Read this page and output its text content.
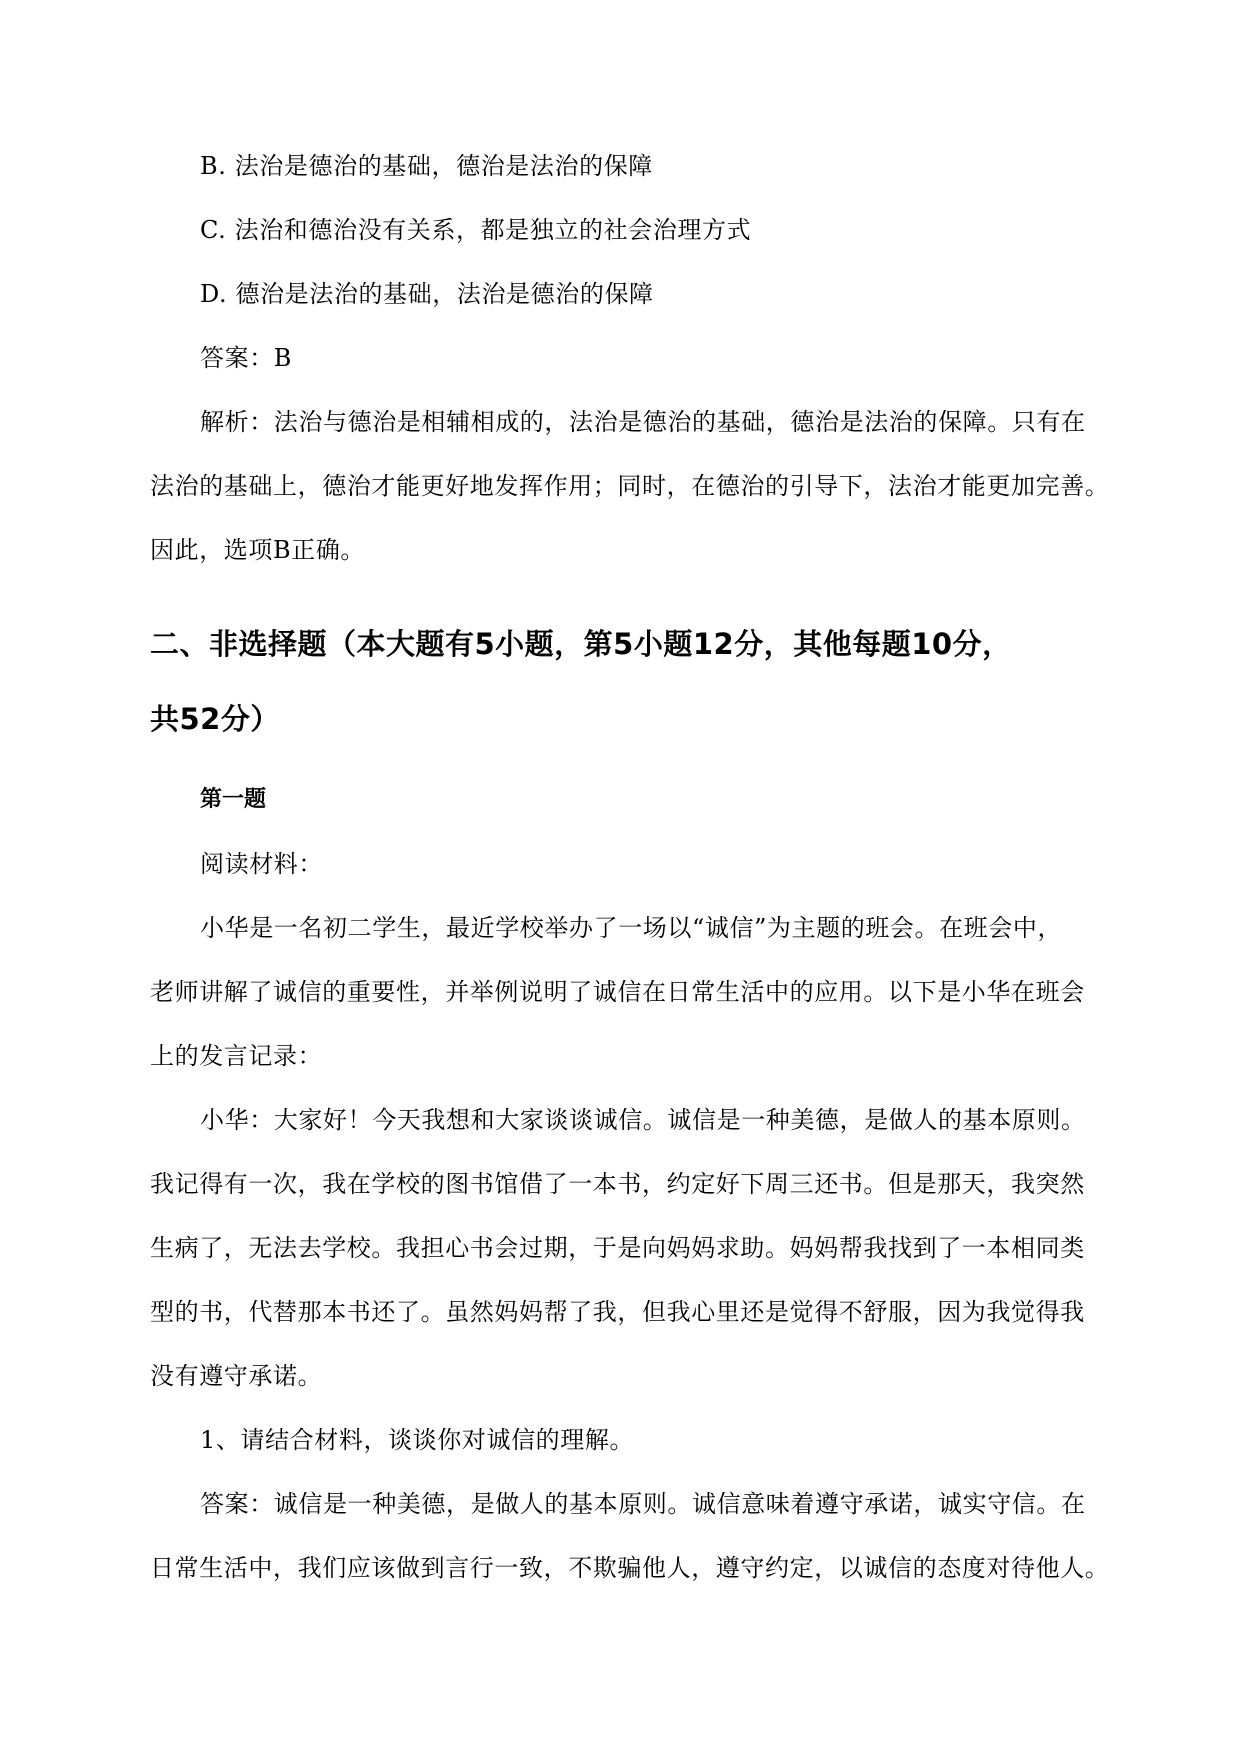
B. 法治是德治的基础，德治是法治的保障
C. 法治和德治没有关系，都是独立的社会治理方式
D. 德治是法治的基础，法治是德治的保障
答案：B
解析：法治与德治是相辅相成的，法治是德治的基础，德治是法治的保障。只有在
法治的基础上，德治才能更好地发挥作用；同时，在德治的引导下，法治才能更加完善。
因此，选项B正确。
二、非选择题（本大题有5小题，第5小题12分，其他每题10分，
共52分）
第一题
阅读材料：
小华是一名初二学生，最近学校举办了一场以“诚信”为主题的班会。在班会中，
老师讲解了诚信的重要性，并举例说明了诚信在日常生活中的应用。以下是小华在班会
上的发言记录：
小华：大家好！今天我想和大家谈谈诚信。诚信是一种美德，是做人的基本原则。
我记得有一次，我在学校的图书馆借了一本书，约定好下周三还书。但是那天，我突然
生病了，无法去学校。我担心书会过期，于是向妈妈求助。妈妈帮我找到了一本相同类
型的书，代替那本书还了。虽然妈妈帮了我，但我心里还是觉得不舒服，因为我觉得我
没有遵守承诺。
1、请结合材料，谈谈你对诚信的理解。
答案：诚信是一种美德，是做人的基本原则。诚信意味着遵守承诺，诚实守信。在
日常生活中，我们应该做到言行一致，不欺骗他人，遵守约定，以诚信的态度对待他人。
